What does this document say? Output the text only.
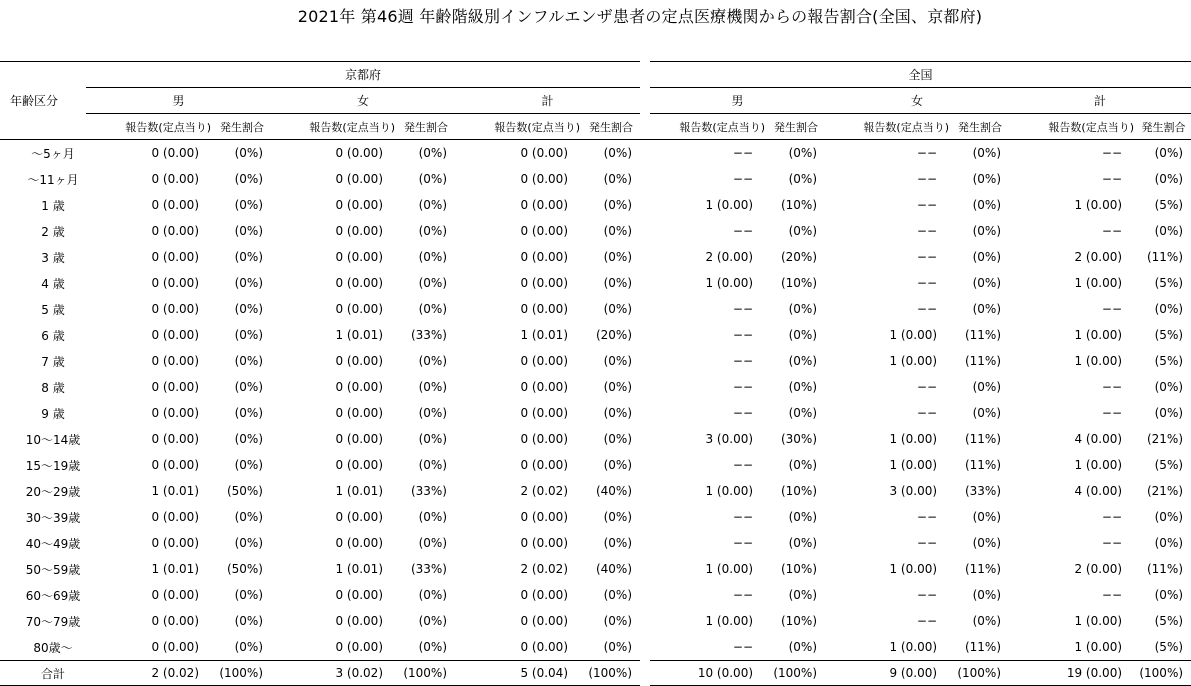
2021年 第46週 年齢階級別インフルエンザ患者の定点医療機関からの報告割合(全国、京都府)
	京都府							全国					
年齢区分	男		女		計			男		女		計	
	報告数(定点当り)	発生割合	報告数(定点当り)	発生割合	報告数(定点当り)	発生割合		報告数(定点当り)	発生割合	報告数(定点当り)	発生割合	報告数(定点当り)	発生割合
〜5ヶ月	0 (0.00)	(0%)	0 (0.00)	(0%)	0 (0.00)	(0%)		−−	(0%)	−−	(0%)	−−	(0%)
〜11ヶ月	0 (0.00)	(0%)	0 (0.00)	(0%)	0 (0.00)	(0%)		−−	(0%)	−−	(0%)	−−	(0%)
1 歳	0 (0.00)	(0%)	0 (0.00)	(0%)	0 (0.00)	(0%)		1 (0.00)	(10%)	−−	(0%)	1 (0.00)	(5%)
2 歳	0 (0.00)	(0%)	0 (0.00)	(0%)	0 (0.00)	(0%)		−−	(0%)	−−	(0%)	−−	(0%)
3 歳	0 (0.00)	(0%)	0 (0.00)	(0%)	0 (0.00)	(0%)		2 (0.00)	(20%)	−−	(0%)	2 (0.00)	(11%)
4 歳	0 (0.00)	(0%)	0 (0.00)	(0%)	0 (0.00)	(0%)		1 (0.00)	(10%)	−−	(0%)	1 (0.00)	(5%)
5 歳	0 (0.00)	(0%)	0 (0.00)	(0%)	0 (0.00)	(0%)		−−	(0%)	−−	(0%)	−−	(0%)
6 歳	0 (0.00)	(0%)	1 (0.01)	(33%)	1 (0.01)	(20%)		−−	(0%)	1 (0.00)	(11%)	1 (0.00)	(5%)
7 歳	0 (0.00)	(0%)	0 (0.00)	(0%)	0 (0.00)	(0%)		−−	(0%)	1 (0.00)	(11%)	1 (0.00)	(5%)
8 歳	0 (0.00)	(0%)	0 (0.00)	(0%)	0 (0.00)	(0%)		−−	(0%)	−−	(0%)	−−	(0%)
9 歳	0 (0.00)	(0%)	0 (0.00)	(0%)	0 (0.00)	(0%)		−−	(0%)	−−	(0%)	−−	(0%)
10〜14歳	0 (0.00)	(0%)	0 (0.00)	(0%)	0 (0.00)	(0%)		3 (0.00)	(30%)	1 (0.00)	(11%)	4 (0.00)	(21%)
15〜19歳	0 (0.00)	(0%)	0 (0.00)	(0%)	0 (0.00)	(0%)		−−	(0%)	1 (0.00)	(11%)	1 (0.00)	(5%)
20〜29歳	1 (0.01)	(50%)	1 (0.01)	(33%)	2 (0.02)	(40%)		1 (0.00)	(10%)	3 (0.00)	(33%)	4 (0.00)	(21%)
30〜39歳	0 (0.00)	(0%)	0 (0.00)	(0%)	0 (0.00)	(0%)		−−	(0%)	−−	(0%)	−−	(0%)
40〜49歳	0 (0.00)	(0%)	0 (0.00)	(0%)	0 (0.00)	(0%)		−−	(0%)	−−	(0%)	−−	(0%)
50〜59歳	1 (0.01)	(50%)	1 (0.01)	(33%)	2 (0.02)	(40%)		1 (0.00)	(10%)	1 (0.00)	(11%)	2 (0.00)	(11%)
60〜69歳	0 (0.00)	(0%)	0 (0.00)	(0%)	0 (0.00)	(0%)		−−	(0%)	−−	(0%)	−−	(0%)
70〜79歳	0 (0.00)	(0%)	0 (0.00)	(0%)	0 (0.00)	(0%)		1 (0.00)	(10%)	−−	(0%)	1 (0.00)	(5%)
80歳〜	0 (0.00)	(0%)	0 (0.00)	(0%)	0 (0.00)	(0%)		−−	(0%)	1 (0.00)	(11%)	1 (0.00)	(5%)
合計	2 (0.02)	(100%)	3 (0.02)	(100%)	5 (0.04)	(100%)		10 (0.00)	(100%)	9 (0.00)	(100%)	19 (0.00)	(100%)
